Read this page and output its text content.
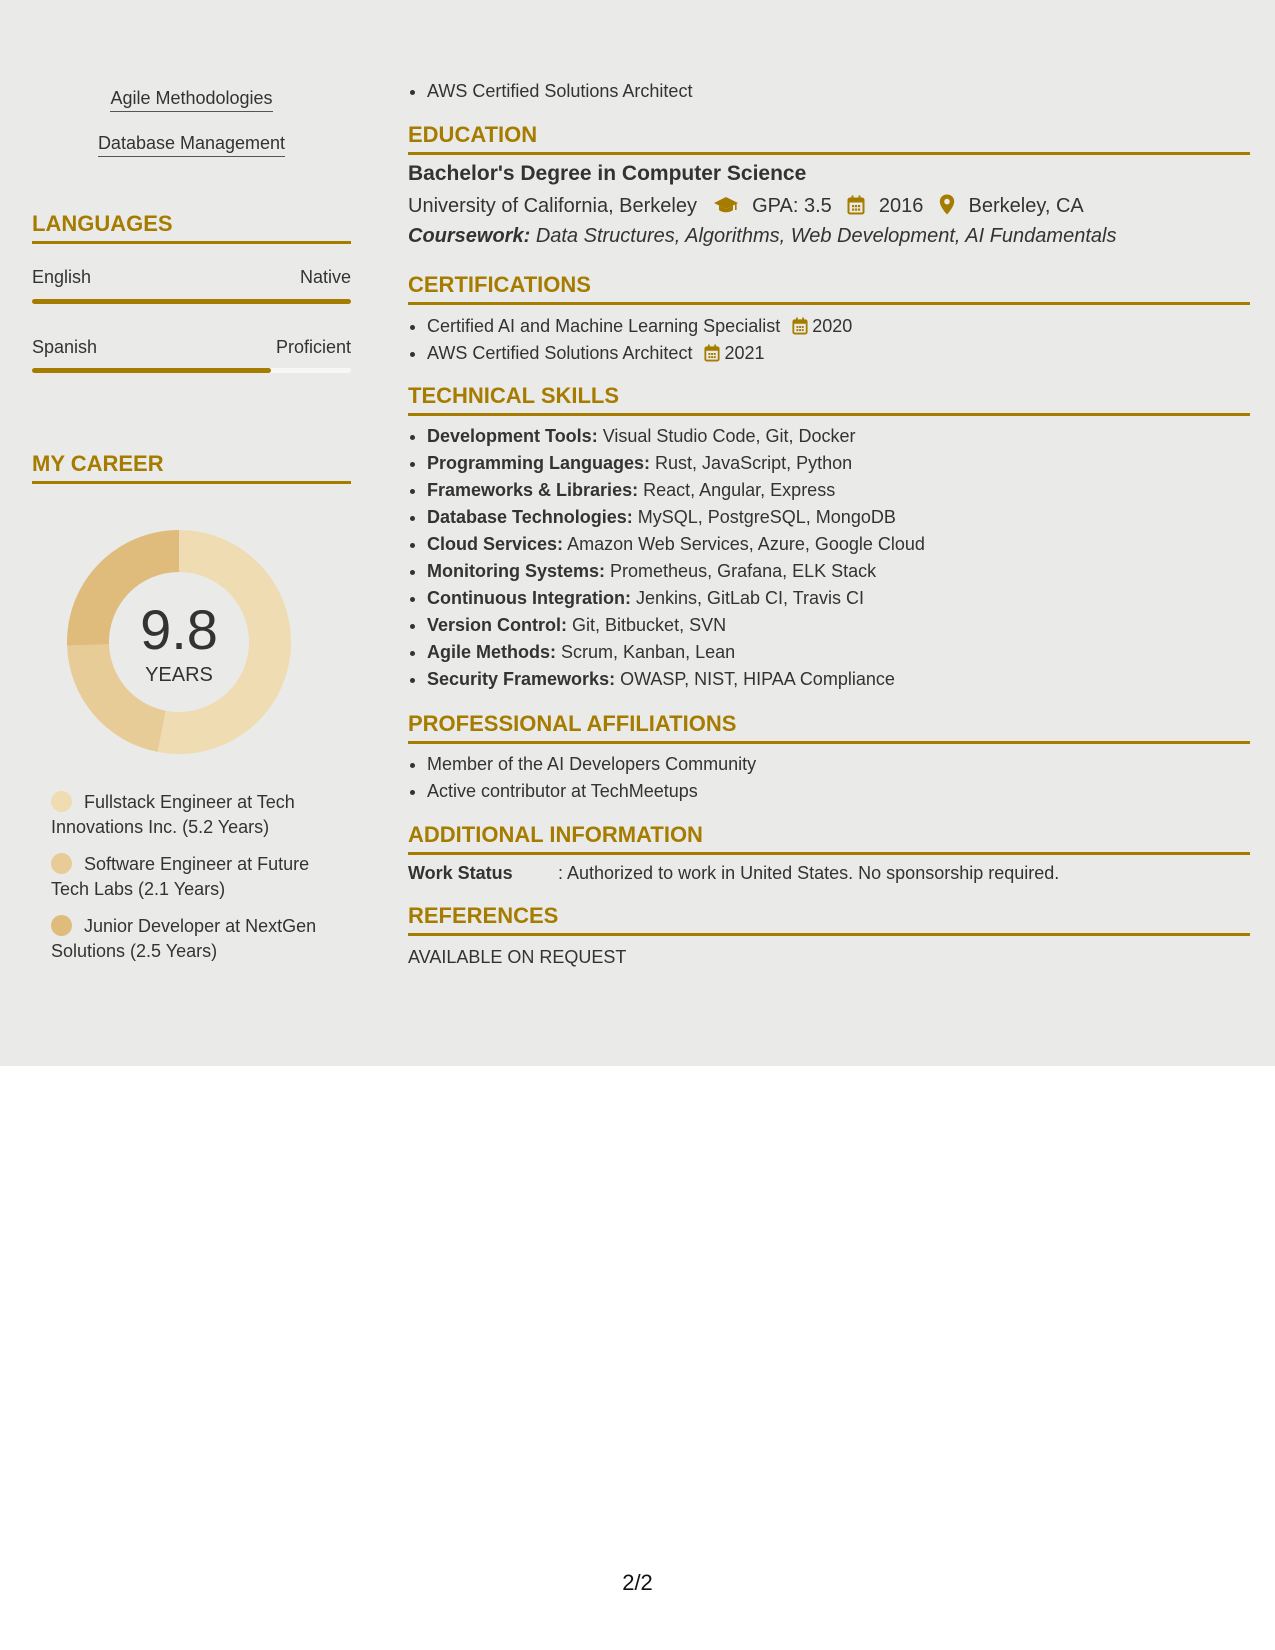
Agile Methodologies
Database Management
LANGUAGES
English	Native
Spanish	Proficient
MY CAREER
9.8
YEARS
Fullstack Engineer at Tech Innovations Inc. (5.2 Years)
Software Engineer at Future Tech Labs (2.1 Years)
Junior Developer at NextGen Solutions (2.5 Years)
• AWS Certified Solutions Architect
EDUCATION
Bachelor's Degree in Computer Science
University of California, Berkeley	GPA: 3.5 2016 Berkeley, CA
Coursework: Data Structures, Algorithms, Web Development, AI Fundamentals
CERTIFICATIONS
• Certified AI and Machine Learning Specialist 2020
• AWS Certified Solutions Architect 2021
TECHNICAL SKILLS
• Development Tools: Visual Studio Code, Git, Docker
• Programming Languages: Rust, JavaScript, Python
• Frameworks & Libraries: React, Angular, Express
• Database Technologies: MySQL, PostgreSQL, MongoDB
• Cloud Services: Amazon Web Services, Azure, Google Cloud
• Monitoring Systems: Prometheus, Grafana, ELK Stack
• Continuous Integration: Jenkins, GitLab CI, Travis CI
• Version Control: Git, Bitbucket, SVN
• Agile Methods: Scrum, Kanban, Lean
• Security Frameworks: OWASP, NIST, HIPAA Compliance
PROFESSIONAL AFFILIATIONS
• Member of the AI Developers Community
• Active contributor at TechMeetups
ADDITIONAL INFORMATION
Work Status	: Authorized to work in United States. No sponsorship required.
REFERENCES
AVAILABLE ON REQUEST
2/2
